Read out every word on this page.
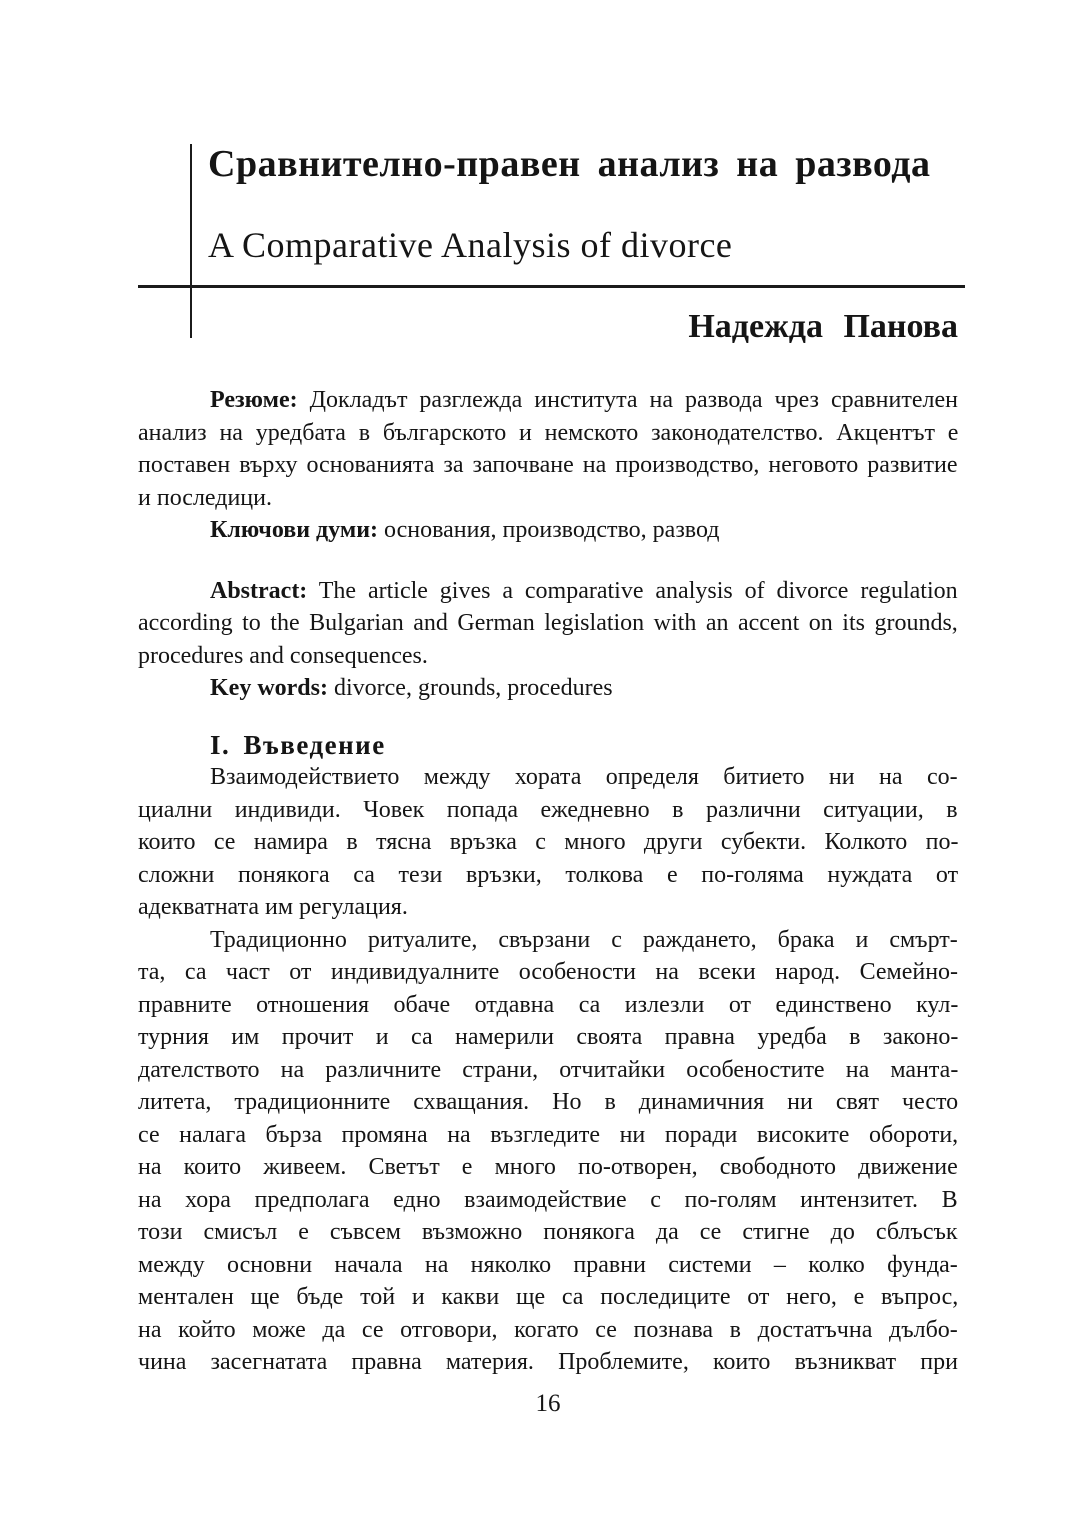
Сравнително-правен анализ на развода
A Comparative Analysis of divorce
Надежда Панова
Резюме: Докладът разглежда института на развода чрез сравнителен
анализ на уредбата в българското и немското законодателство. Акцентът е
поставен върху основанията за започване на производство, неговото развитие
и последици.
Ключови думи: основания, производство, развод
Abstract: The article gives a comparative analysis of divorce regulation
according to the Bulgarian and German legislation with an accent on its grounds,
procedures and consequences.
Key words: divorce, grounds, procedures
I. Въведение
Взаимодействието между хората определя битието ни на со-
циални индивиди. Човек попада ежедневно в различни ситуации, в
които се намира в тясна връзка с много други субекти. Колкото по-
сложни понякога са тези връзки, толкова е по-голяма нуждата от
адекватната им регулация.
Традиционно ритуалите, свързани с раждането, брака и смърт-
та, са част от индивидуалните особености на всеки народ. Семейно-
правните отношения обаче отдавна са излезли от единствено кул-
турния им прочит и са намерили своята правна уредба в законо-
дателството на различните страни, отчитайки особеностите на манта-
литета, традиционните схващания. Но в динамичния ни свят често
се налага бърза промяна на възгледите ни поради високите обороти,
на които живеем. Светът е много по-отворен, свободното движение
на хора предполага едно взаимодействие с по-голям интензитет. В
този смисъл е съвсем възможно понякога да се стигне до сблъсък
между основни начала на няколко правни системи – колко фунда-
ментален ще бъде той и какви ще са последиците от него, е въпрос,
на който може да се отговори, когато се познава в достатъчна дълбо-
чина засегнатата правна материя. Проблемите, които възникват при
16
